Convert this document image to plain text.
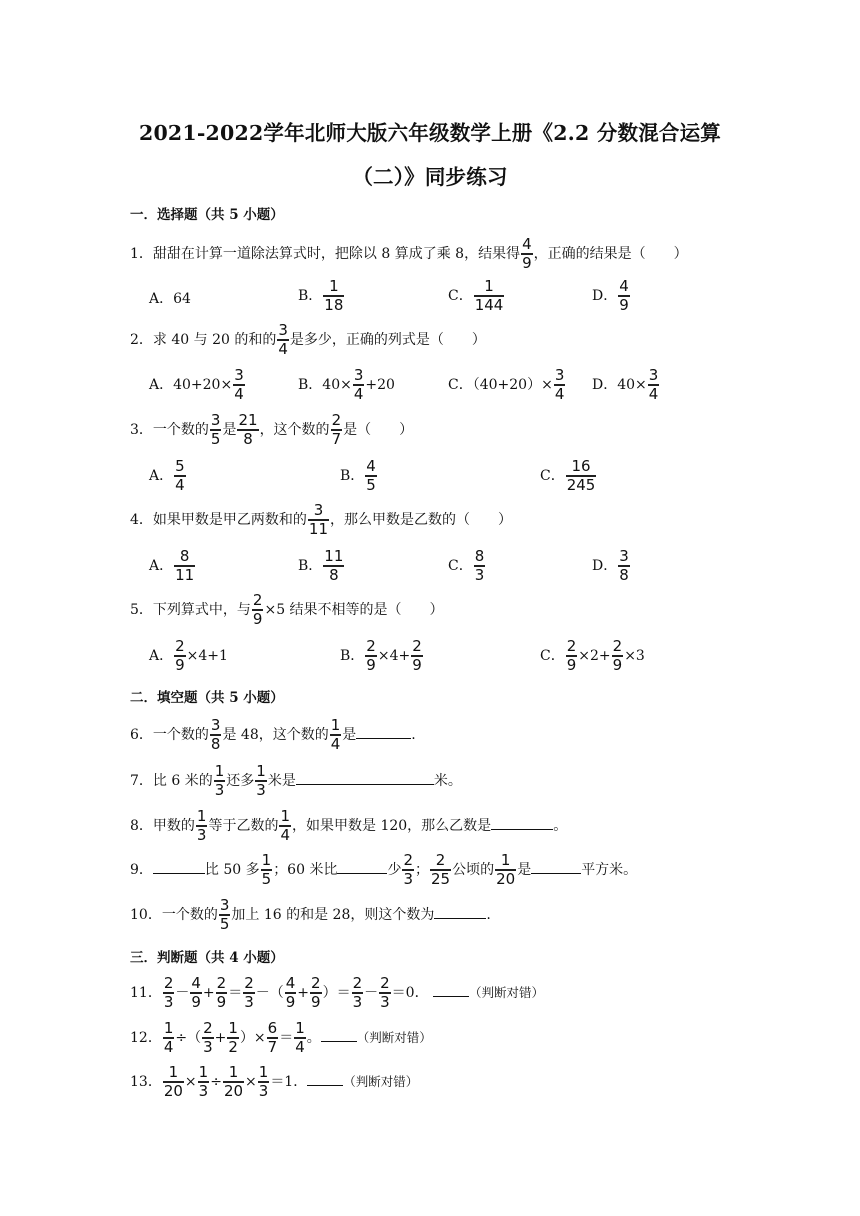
2021-2022学年北师大版六年级数学上册《2.2 分数混合运算
（二）》同步练习
一．选择题（共 5 小题）
1．甜甜在计算一道除法算式时，把除以 8 算成了乘 8，结果得 $\frac{4}{9}$ ，正确的结果是（　　）
A．64	B． $\frac{1}{18}$	C． $\frac{1}{144}$	D． $\frac{4}{9}$
2．求 40 与 20 的和的 $\frac{3}{4}$ 是多少，正确的列式是（　　）
A．$40+20\times \frac{3}{4}$	B．$40\times \frac{3}{4} +20$	C．$(40+20)\times \frac{3}{4}$ D．$40\times \frac{3}{4}$
3．一个数的 $\frac{3}{5}$ 是 $\frac{21}{8}$ ，这个数的 $\frac{2}{7}$ 是（　　）
A． $\frac{5}{4}$	B． $\frac{4}{5}$	C． $\frac{16}{245}$
4．如果甲数是甲乙两数和的 $\frac{3}{11}$ ，那么甲数是乙数的（　　）
A． $\frac{8}{11}$	B． $\frac{11}{8}$	C． $\frac{8}{3}$	D． $\frac{3}{8}$
5．下列算式中，与 $\frac{2}{9} \times 5$ 结果不相等的是（　　）
A． $\frac{2}{9} \times 4+1$	B． $\frac{2}{9} \times 4+ \frac{2}{9}$	C． $\frac{2}{9} \times 2+ \frac{2}{9} \times 3$
二．填空题（共 5 小题）
6．一个数的 $\frac{3}{8}$ 是 48，这个数的 $\frac{1}{4}$ 是	.
7．比 6 米的 $\frac{1}{3}$ 还多 $\frac{1}{3}$ 米是	米。
8．甲数的 $\frac{1}{3}$ 等于乙数的 $\frac{1}{4}$ ，如果甲数是 120，那么乙数是	。
9．	比 50 多 $\frac{1}{5}$ ；60 米比	少 $\frac{2}{3}$ ； $\frac{2}{25}$ 公顷的 $\frac{1}{20}$ 是	平方米。
10．一个数的 $\frac{3}{5}$ 加上 16 的和是 28，则这个数为	.
三．判断题（共 4 小题）
11． $\frac{2}{3} - \frac{4}{9} + \frac{2}{9} = \frac{2}{3}$ －（ $\frac{4}{9} + \frac{2}{9}$ ）＝ $\frac{2}{3} - \frac{2}{3} =0$．	（判断对错）
12． $\frac{1}{4}$ ÷（ $\frac{2}{3} + \frac{1}{2}$ ）× $\frac{6}{7} = \frac{1}{4}$ 。	（判断对错）
13． $\frac{1}{20} \times \frac{1}{3} \div \frac{1}{20} \times \frac{1}{3} =1$．	（判断对错）
